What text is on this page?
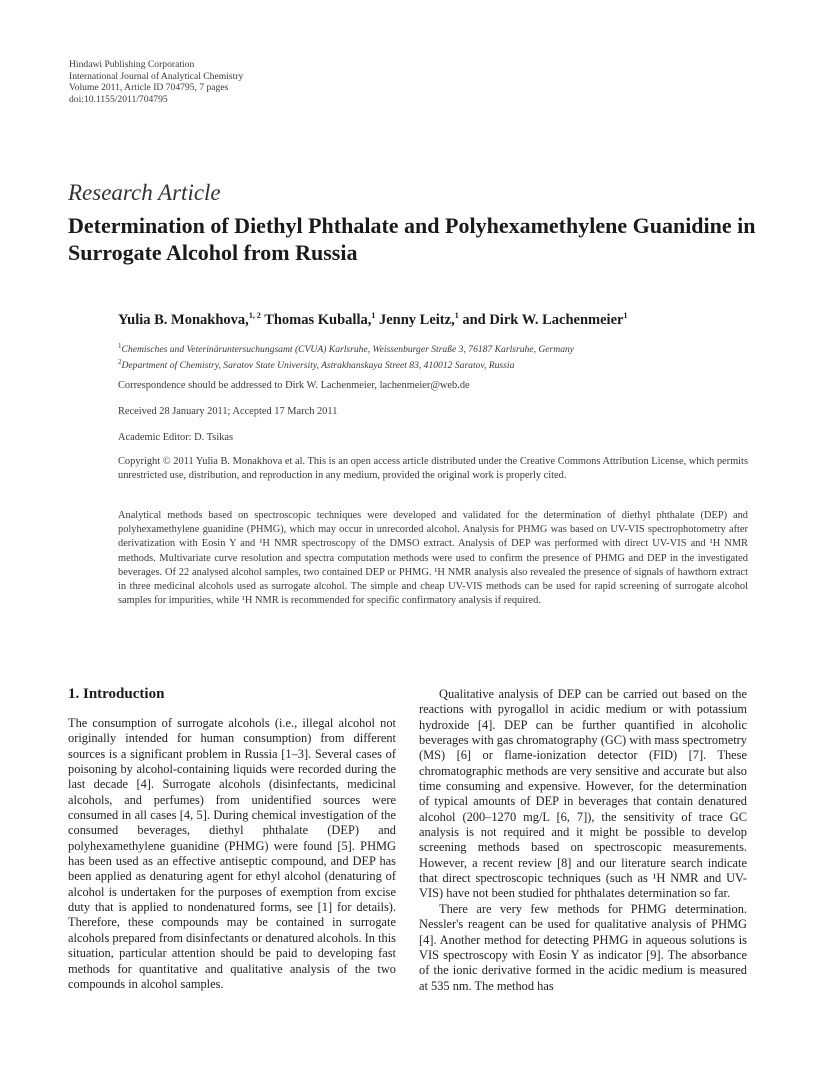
Hindawi Publishing Corporation
International Journal of Analytical Chemistry
Volume 2011, Article ID 704795, 7 pages
doi:10.1155/2011/704795
Research Article
Determination of Diethyl Phthalate and Polyhexamethylene Guanidine in Surrogate Alcohol from Russia
Yulia B. Monakhova,$^{1, 2}$ Thomas Kuballa,$^1$ Jenny Leitz,$^1$ and Dirk W. Lachenmeier$^1$
$^1$Chemisches und Veterinäruntersuchungsamt (CVUA) Karlsruhe, Weissenburger Straße 3, 76187 Karlsruhe, Germany
$^2$Department of Chemistry, Saratov State University, Astrakhanskaya Street 83, 410012 Saratov, Russia
Correspondence should be addressed to Dirk W. Lachenmeier, lachenmeier@web.de
Received 28 January 2011; Accepted 17 March 2011
Academic Editor: D. Tsikas
Copyright © 2011 Yulia B. Monakhova et al. This is an open access article distributed under the Creative Commons Attribution License, which permits unrestricted use, distribution, and reproduction in any medium, provided the original work is properly cited.

Analytical methods based on spectroscopic techniques were developed and validated for the determination of diethyl phthalate (DEP) and polyhexamethylene guanidine (PHMG), which may occur in unrecorded alcohol. Analysis for PHMG was based on UV-VIS spectrophotometry after derivatization with Eosin Y and ¹H NMR spectroscopy of the DMSO extract. Analysis of DEP was performed with direct UV-VIS and ¹H NMR methods. Multivariate curve resolution and spectra computation methods were used to confirm the presence of PHMG and DEP in the investigated beverages. Of 22 analysed alcohol samples, two contained DEP or PHMG. ¹H NMR analysis also revealed the presence of signals of hawthorn extract in three medicinal alcohols used as surrogate alcohol. The simple and cheap UV-VIS methods can be used for rapid screening of surrogate alcohol samples for impurities, while ¹H NMR is recommended for specific confirmatory analysis if required.

1. Introduction

The consumption of surrogate alcohols (i.e., illegal alcohol not originally intended for human consumption) from different sources is a significant problem in Russia [1–3]. Several cases of poisoning by alcohol-containing liquids were recorded during the last decade [4]. Surrogate alcohols (disinfectants, medicinal alcohols, and perfumes) from unidentified sources were consumed in all cases [4, 5]. During chemical investigation of the consumed beverages, diethyl phthalate (DEP) and polyhexamethylene guanidine (PHMG) were found [5]. PHMG has been used as an effective antiseptic compound, and DEP has been applied as denaturing agent for ethyl alcohol (denaturing of alcohol is undertaken for the purposes of exemption from excise duty that is applied to nondenatured forms, see [1] for details). Therefore, these compounds may be contained in surrogate alcohols prepared from disinfectants or denatured alcohols. In this situation, particular attention should be paid to developing fast methods for quantitative and qualitative analysis of the two compounds in alcohol samples.

Qualitative analysis of DEP can be carried out based on the reactions with pyrogallol in acidic medium or with potassium hydroxide [4]. DEP can be further quantified in alcoholic beverages with gas chromatography (GC) with mass spectrometry (MS) [6] or flame-ionization detector (FID) [7]. These chromatographic methods are very sensitive and accurate but also time consuming and expensive. However, for the determination of typical amounts of DEP in beverages that contain denatured alcohol (200–1270 mg/L [6, 7]), the sensitivity of trace GC analysis is not required and it might be possible to develop screening methods based on spectroscopic measurements. However, a recent review [8] and our literature search indicate that direct spectroscopic techniques (such as ¹H NMR and UV-VIS) have not been studied for phthalates determination so far.

There are very few methods for PHMG determination. Nessler's reagent can be used for qualitative analysis of PHMG [4]. Another method for detecting PHMG in aqueous solutions is VIS spectroscopy with Eosin Y as indicator [9]. The absorbance of the ionic derivative formed in the acidic medium is measured at 535 nm. The method has
